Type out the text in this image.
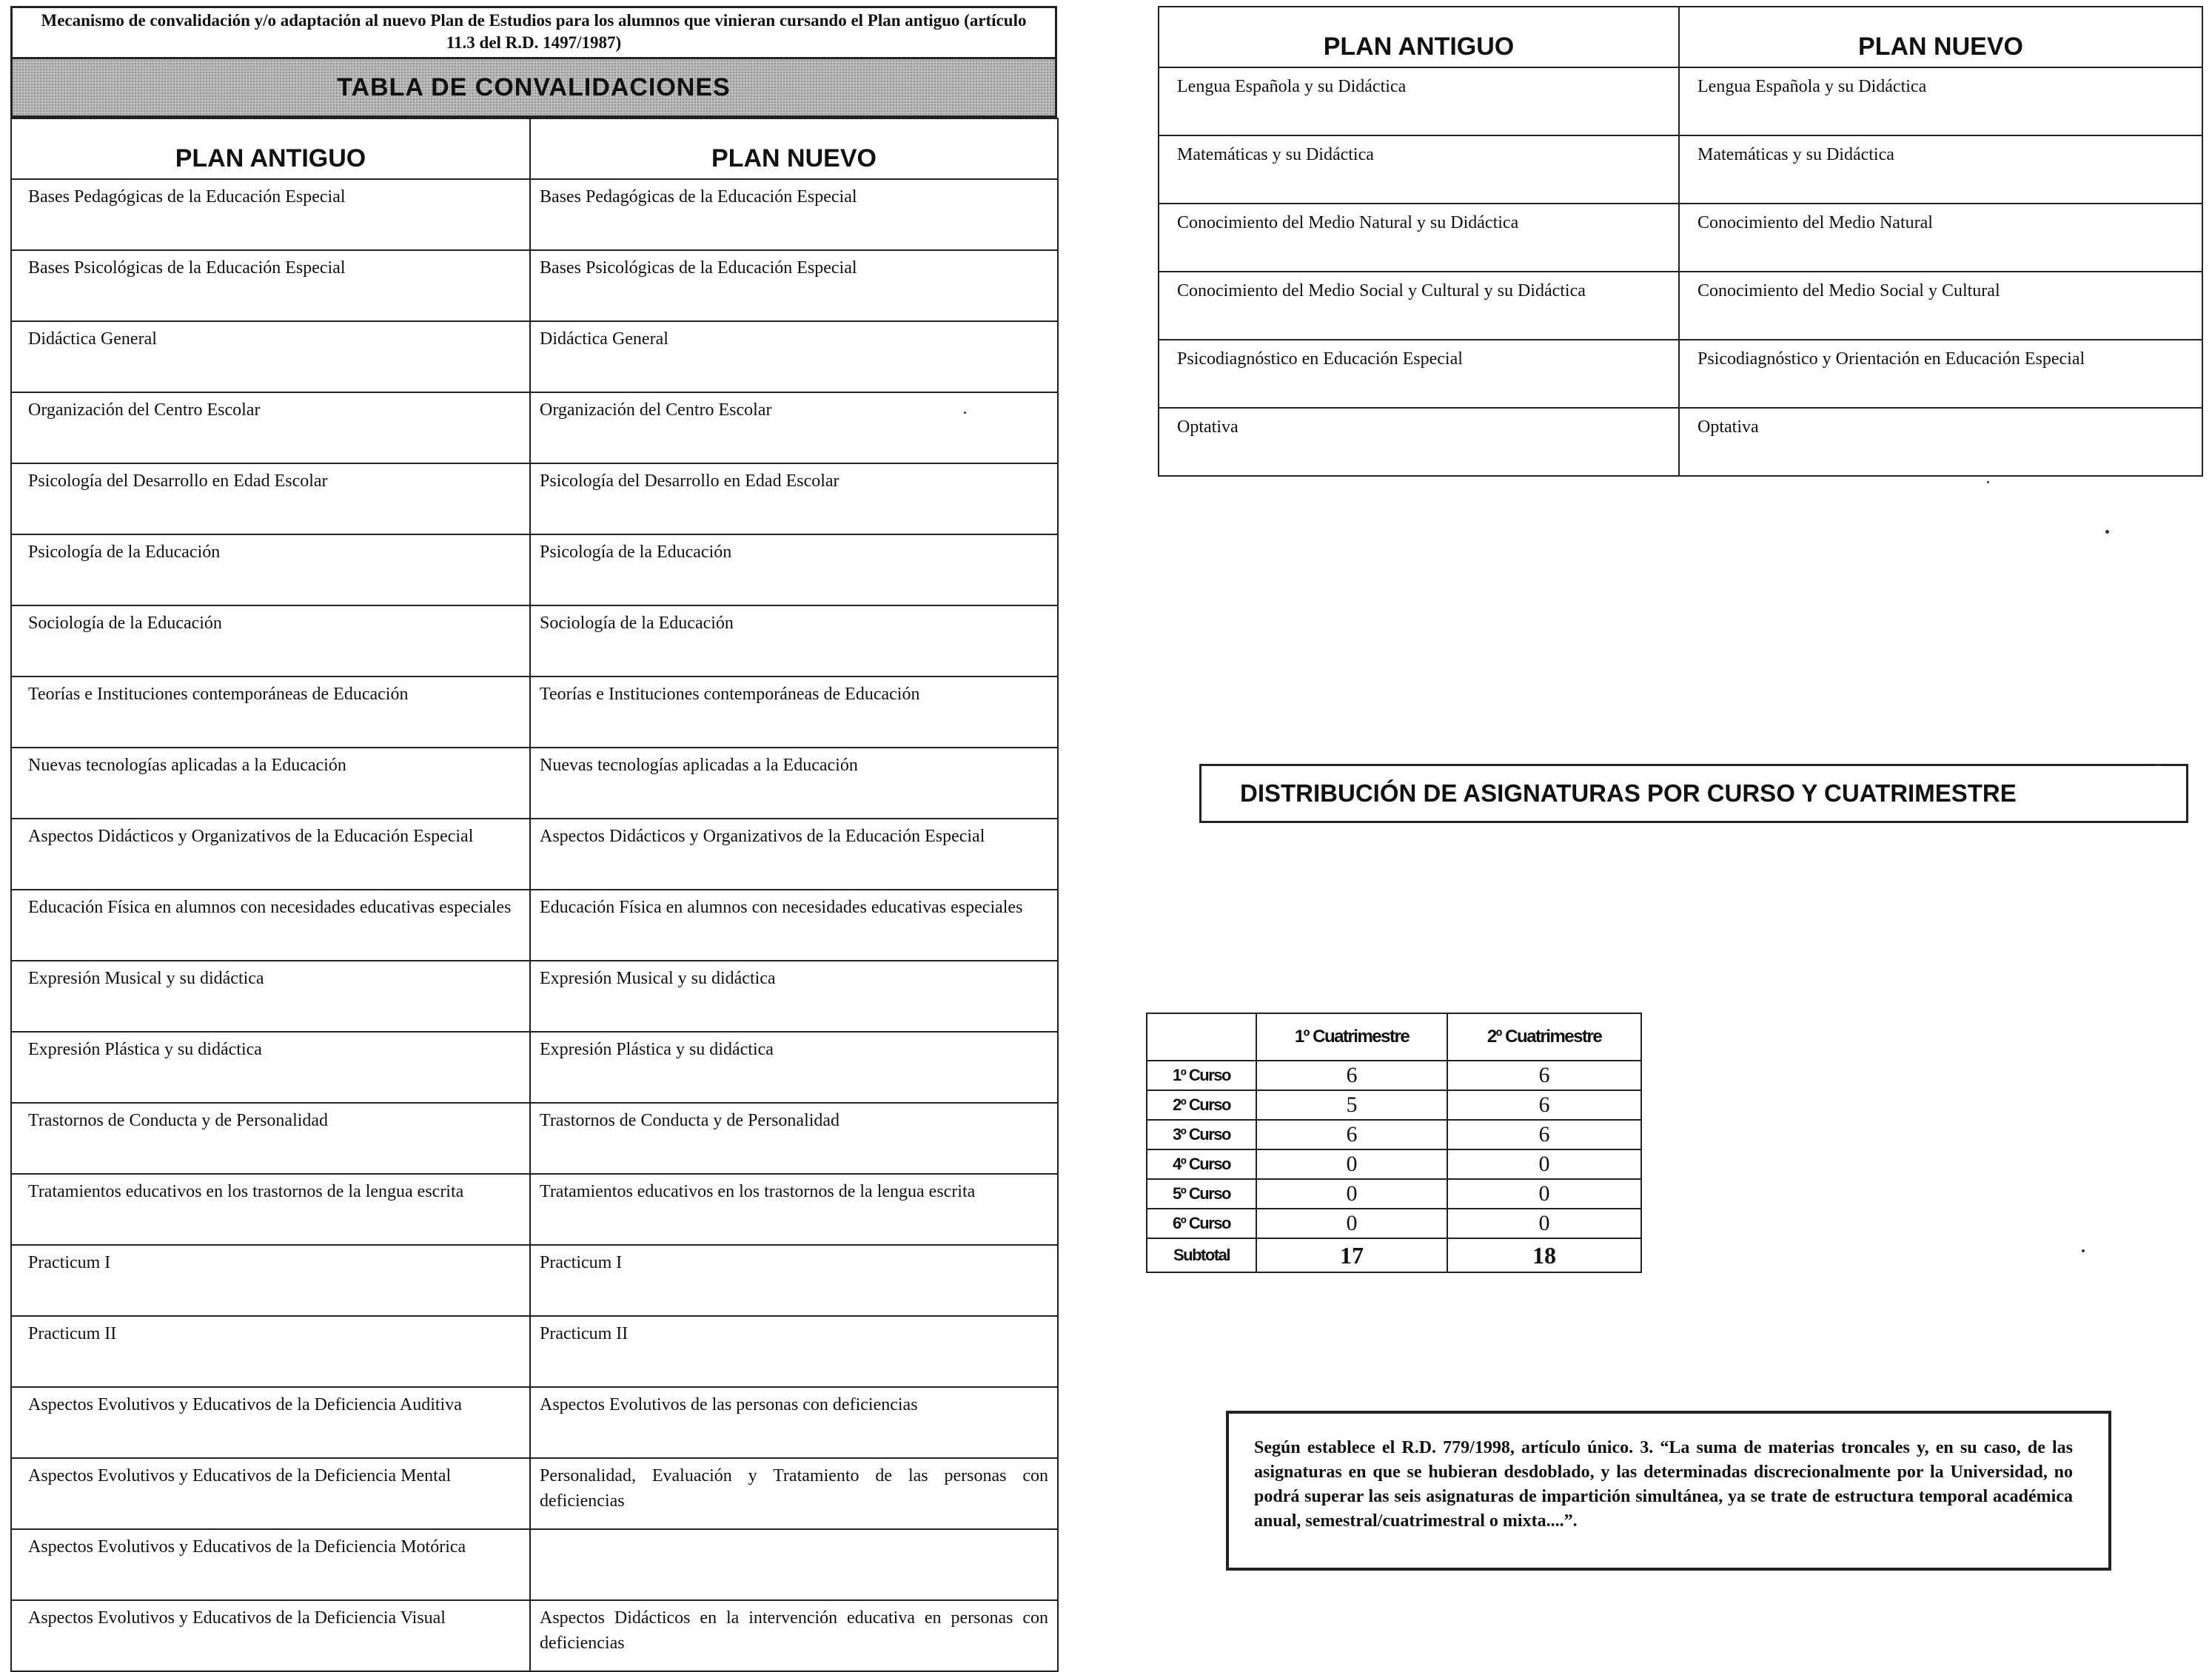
Mecanismo de convalidación y/o adaptación al nuevo Plan de Estudios para los alumnos que vinieran cursando el Plan antiguo (artículo 11.3 del R.D. 1497/1987)
TABLA DE CONVALIDACIONES
PLAN ANTIGUO	PLAN NUEVO
Bases Pedagógicas de la Educación Especial	Bases Pedagógicas de la Educación Especial
Bases Psicológicas de la Educación Especial	Bases Psicológicas de la Educación Especial
Didáctica General	Didáctica General
Organización del Centro Escolar	Organización del Centro Escolar
Psicología del Desarrollo en Edad Escolar	Psicología del Desarrollo en Edad Escolar
Psicología de la Educación	Psicología de la Educación
Sociología de la Educación	Sociología de la Educación
Teorías e Instituciones contemporáneas de Educación	Teorías e Instituciones contemporáneas de Educación
Nuevas tecnologías aplicadas a la Educación	Nuevas tecnologías aplicadas a la Educación
Aspectos Didácticos y Organizativos de la Educación Especial	Aspectos Didácticos y Organizativos de la Educación Especial
Educación Física en alumnos con necesidades educativas especiales	Educación Física en alumnos con necesidades educativas especiales
Expresión Musical y su didáctica	Expresión Musical y su didáctica
Expresión Plástica y su didáctica	Expresión Plástica y su didáctica
Trastornos de Conducta y de Personalidad	Trastornos de Conducta y de Personalidad
Tratamientos educativos en los trastornos de la lengua escrita	Tratamientos educativos en los trastornos de la lengua escrita
Practicum I	Practicum I
Practicum II	Practicum II
Aspectos Evolutivos y Educativos de la Deficiencia Auditiva	Aspectos Evolutivos de las personas con deficiencias
Aspectos Evolutivos y Educativos de la Deficiencia Mental	Personalidad, Evaluación y Tratamiento de las personas con deficiencias
Aspectos Evolutivos y Educativos de la Deficiencia Motórica	
Aspectos Evolutivos y Educativos de la Deficiencia Visual	Aspectos Didácticos en la intervención educativa en personas con deficiencias
PLAN ANTIGUO	PLAN NUEVO
Lengua Española y su Didáctica	Lengua Española y su Didáctica
Matemáticas y su Didáctica	Matemáticas y su Didáctica
Conocimiento del Medio Natural y su Didáctica	Conocimiento del Medio Natural
Conocimiento del Medio Social y Cultural y su Didáctica	Conocimiento del Medio Social y Cultural
Psicodiagnóstico en Educación Especial	Psicodiagnóstico y Orientación en Educación Especial
Optativa	Optativa
DISTRIBUCIÓN DE ASIGNATURAS POR CURSO Y CUATRIMESTRE
	1º Cuatrimestre	2º Cuatrimestre
1º Curso	6	6
2º Curso	5	6
3º Curso	6	6
4º Curso	0	0
5º Curso	0	0
6º Curso	0	0
Subtotal	17	18
Según establece el R.D. 779/1998, artículo único. 3. “La suma de materias troncales y, en su caso, de las asignaturas en que se hubieran desdoblado, y las determinadas discrecionalmente por la Universidad, no podrá superar las seis asignaturas de impartición simultánea, ya se trate de estructura temporal académica anual, semestral/cuatrimestral o mixta....”.
